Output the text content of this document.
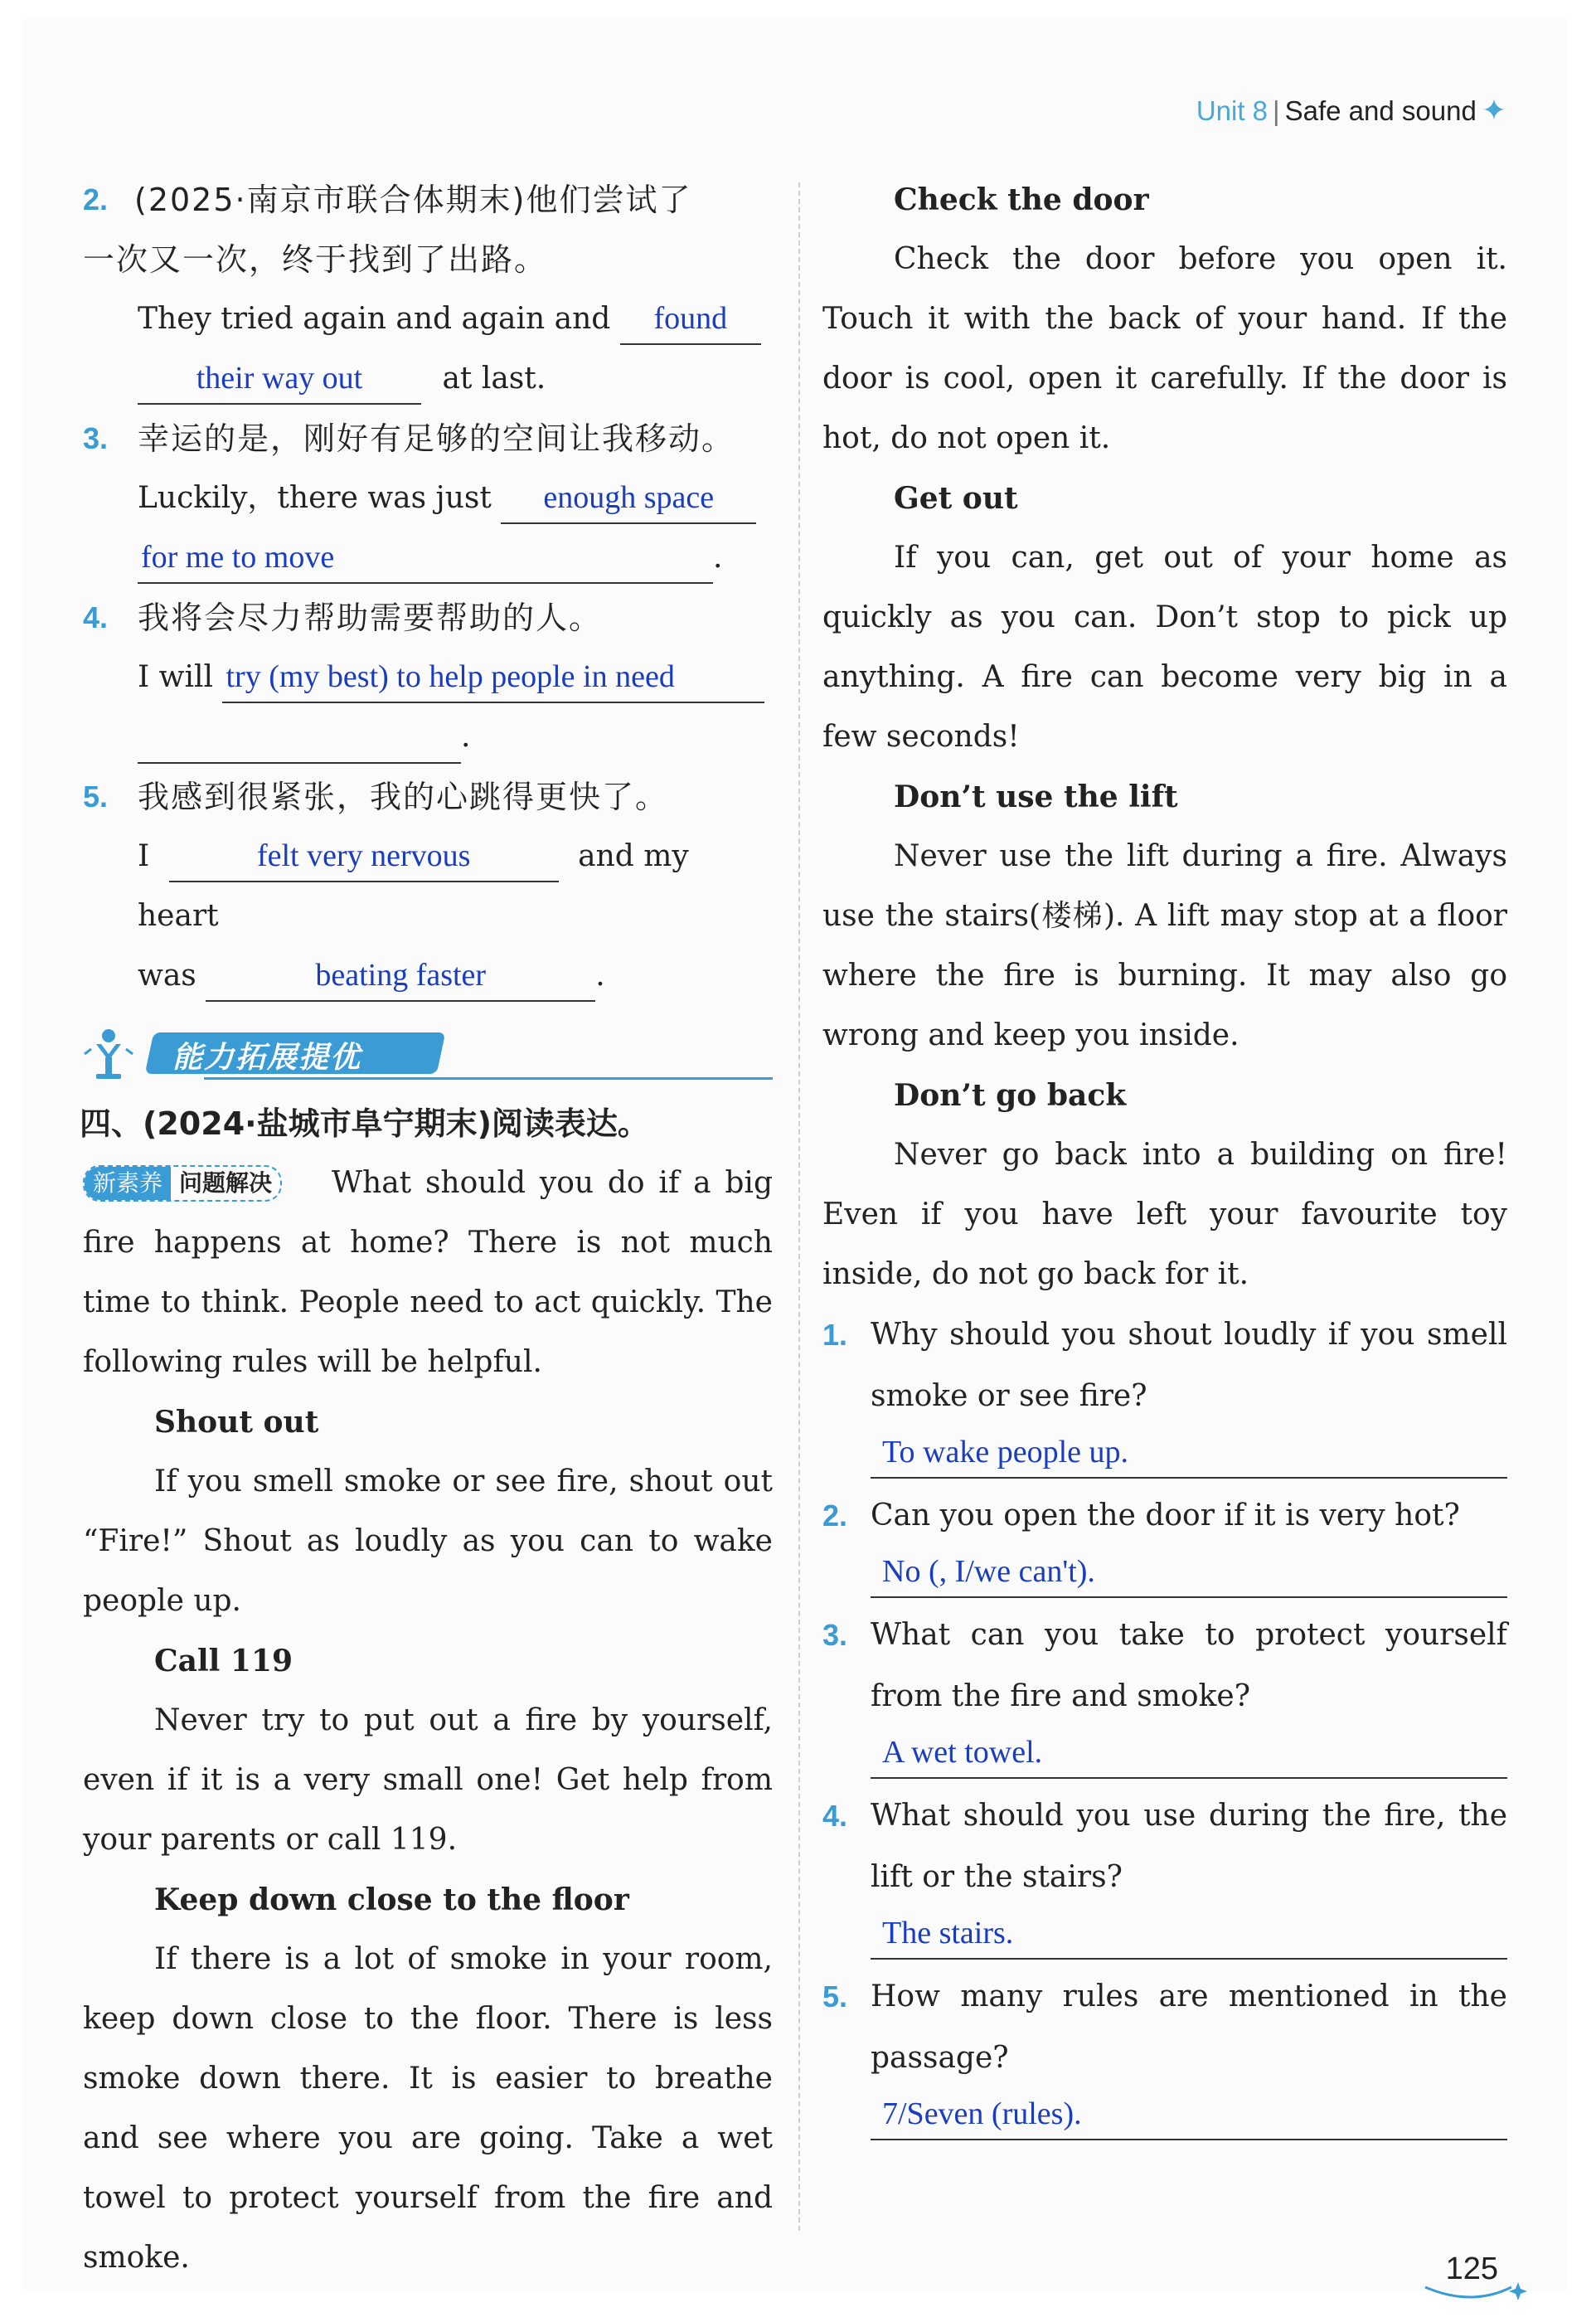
Unit 8 | Safe and sound ✦
2. (2025·南京市联合体期末)他们尝试了
一次又一次，终于找到了出路。
They tried again and again and found
their way out	at last.
3. 幸运的是，刚好有足够的空间让我移动。
Luckily，there was just enough space
for me to move	.
4. 我将会尽力帮助需要帮助的人。
I will try (my best) to help people in need
.
5. 我感到很紧张，我的心跳得更快了。
I	felt very nervous	and my heart
was	beating faster	.
能力拓展提优
四、(2024·盐城市阜宁期末)阅读表达。

新素养 问题解决	What should you do if a big fire happens at home? There is not much time to think. People need to act quickly. The following rules will be helpful.

Shout out

If you smell smoke or see fire, shout out “Fire!” Shout as loudly as you can to wake people up.

Call 119

Never try to put out a fire by yourself, even if it is a very small one! Get help from your parents or call 119.

Keep down close to the floor

If there is a lot of smoke in your room, keep down close to the floor. There is less smoke down there. It is easier to breathe and see where you are going. Take a wet towel to protect yourself from the fire and smoke.

Check the door

Check the door before you open it. Touch it with the back of your hand. If the door is cool, open it carefully. If the door is hot, do not open it.

Get out

If you can, get out of your home as quickly as you can. Don’t stop to pick up anything. A fire can become very big in a few seconds!

Don’t use the lift

Never use the lift during a fire. Always use the stairs(楼梯). A lift may stop at a floor where the fire is burning. It may also go wrong and keep you inside.

Don’t go back

Never go back into a building on fire! Even if you have left your favourite toy inside, do not go back for it.

1. Why should you shout loudly if you smell smoke or see fire?
To wake people up.
2. Can you open the door if it is very hot?
No (, I/we can't).
3. What can you take to protect yourself from the fire and smoke?
A wet towel.
4. What should you use during the fire, the lift or the stairs?
The stairs.
5. How many rules are mentioned in the passage?
7/Seven (rules).
125
